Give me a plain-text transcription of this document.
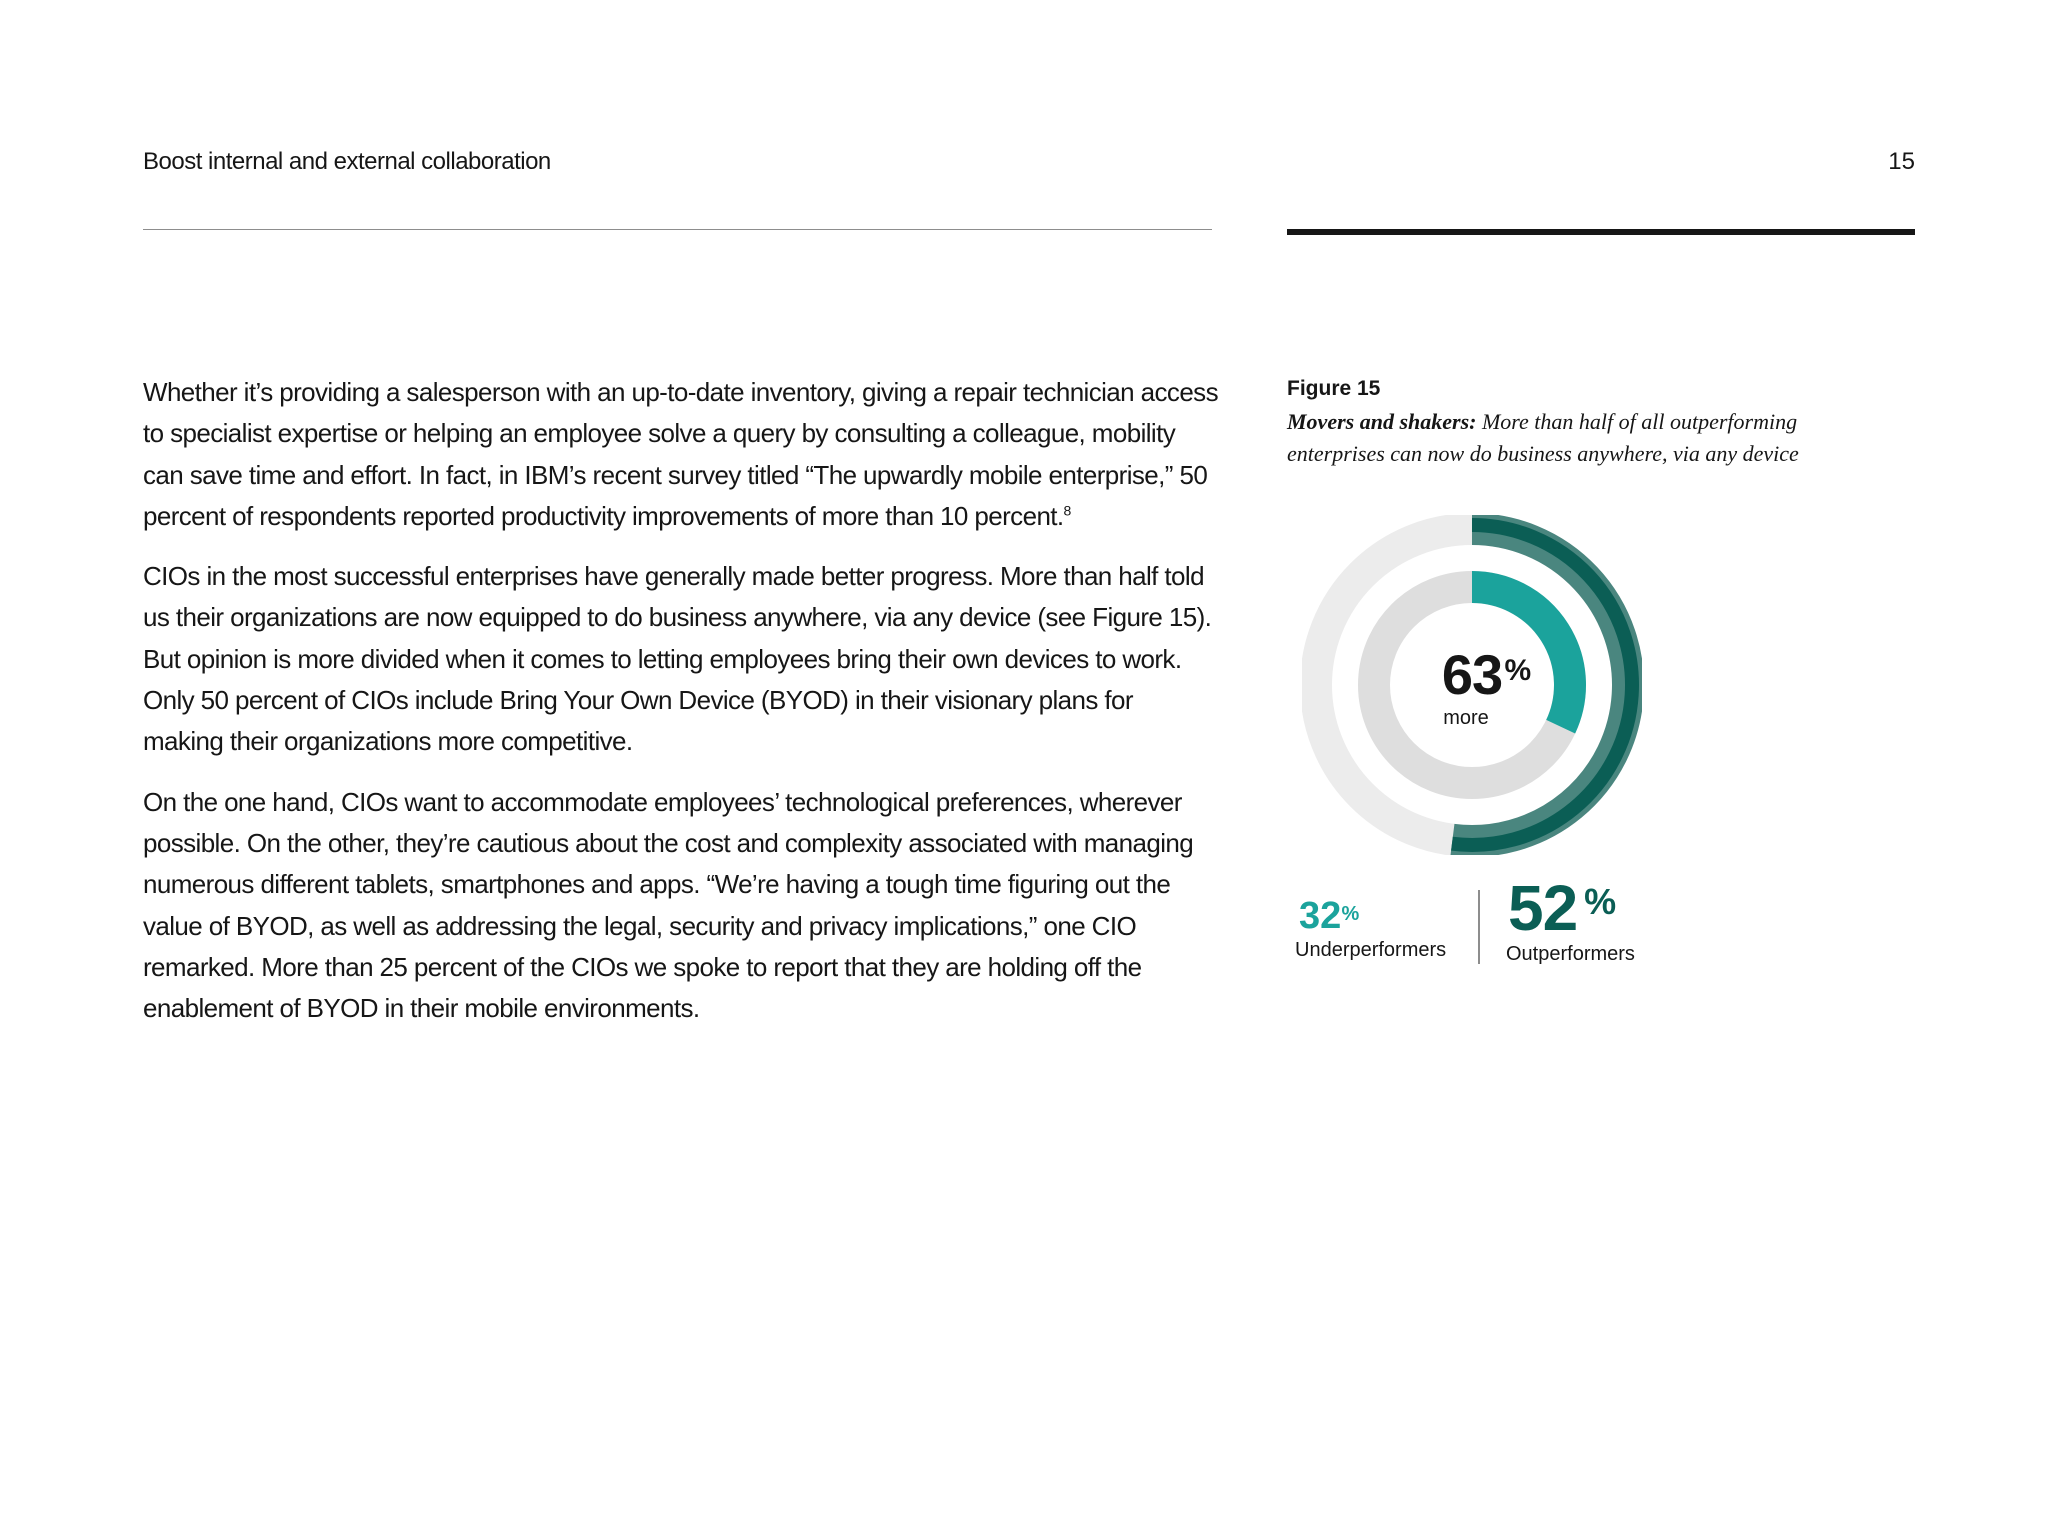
Boost internal and external collaboration	15

Whether it’s providing a salesperson with an up-to-date inventory, giving a repair technician access to specialist expertise or helping an employee solve a query by consulting a colleague, mobility can save time and effort. In fact, in IBM’s recent survey titled “The upwardly mobile enterprise,” 50 percent of respondents reported productivity improvements of more than 10 percent.$^8$

CIOs in the most successful enterprises have generally made better progress. More than half told us their organizations are now equipped to do business anywhere, via any device (see Figure 15). But opinion is more divided when it comes to letting employees bring their own devices to work. Only 50 percent of CIOs include Bring Your Own Device (BYOD) in their visionary plans for making their organizations more competitive.

On the one hand, CIOs want to accommodate employees’ technological preferences, wherever possible. On the other, they’re cautious about the cost and complexity associated with managing numerous different tablets, smartphones and apps. “We’re having a tough time figuring out the value of BYOD, as well as addressing the legal, security and privacy implications,” one CIO remarked. More than 25 percent of the CIOs we spoke to report that they are holding off the enablement of BYOD in their mobile environments.

Figure 15
Movers and shakers: More than half of all outperforming enterprises can now do business anywhere, via any device
63 %
more
32 %
Underperformers
52 %
Outperformers
